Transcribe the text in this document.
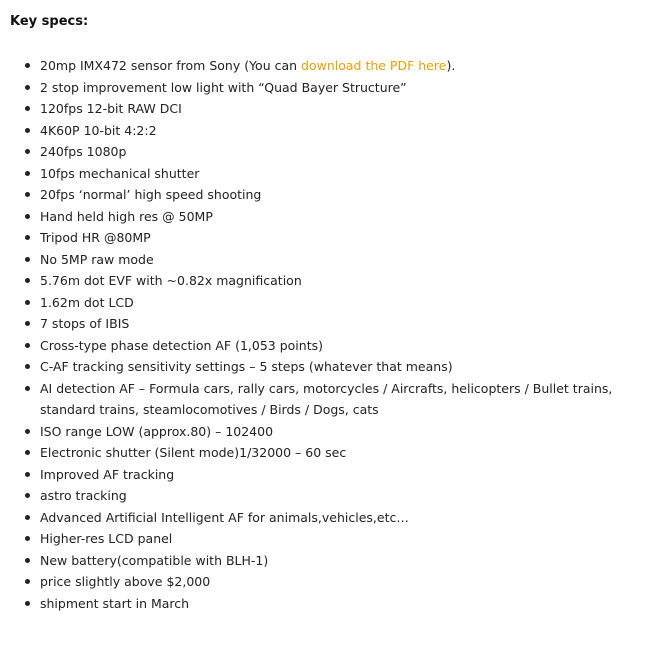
Key specs:

20mp IMX472 sensor from Sony (You can download the PDF here).
2 stop improvement low light with “Quad Bayer Structure”
120fps 12-bit RAW DCI
4K60P 10-bit 4:2:2
240fps 1080p
10fps mechanical shutter
20fps ‘normal’ high speed shooting
Hand held high res @ 50MP
Tripod HR @80MP
No 5MP raw mode
5.76m dot EVF with ~0.82x magnification
1.62m dot LCD
7 stops of IBIS
Cross-type phase detection AF (1,053 points)
C-AF tracking sensitivity settings – 5 steps (whatever that means)
AI detection AF – Formula cars, rally cars, motorcycles / Aircrafts, helicopters / Bullet trains, standard trains, steamlocomotives / Birds / Dogs, cats
ISO range LOW (approx.80) – 102400
Electronic shutter (Silent mode)1/32000 – 60 sec
Improved AF tracking
astro tracking
Advanced Artificial Intelligent AF for animals,vehicles,etc…
Higher-res LCD panel
New battery(compatible with BLH-1)
price slightly above $2,000
shipment start in March
